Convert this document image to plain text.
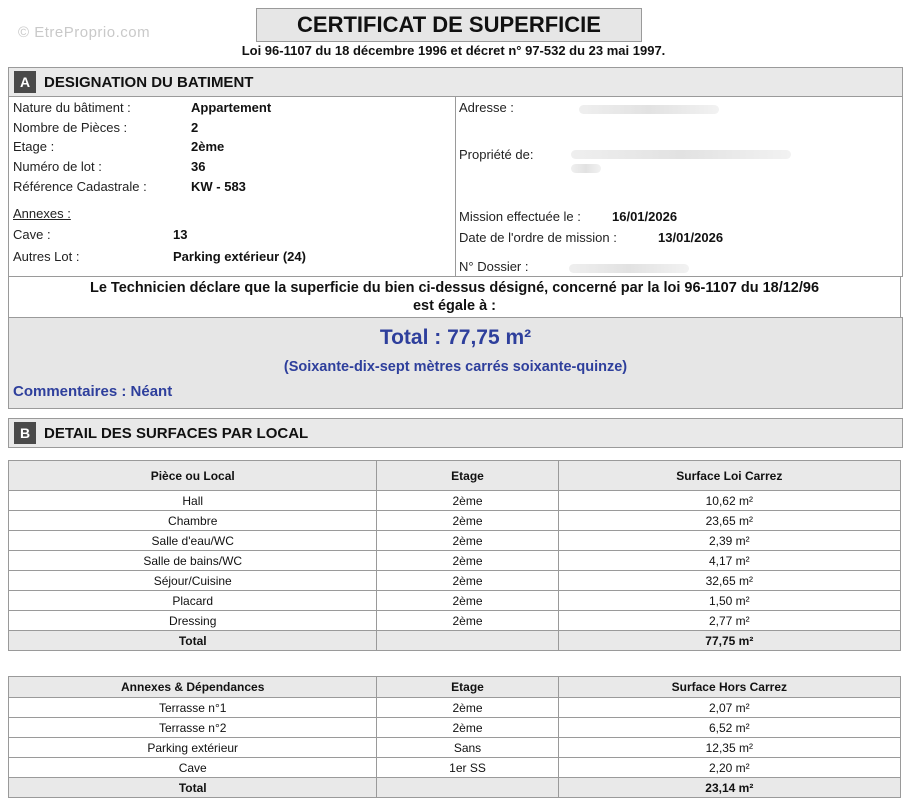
© EtreProprio.com	CERTIFICAT DE SUPERFICIE
Loi 96-1107 du 18 décembre 1996 et décret n° 97-532 du 23 mai 1997.
A DESIGNATION DU BATIMENT
Nature du bâtiment :	Appartement
Nombre de Pièces :	2
Etage :	2ème
Numéro de lot :	36
Référence Cadastrale :	KW - 583
Annexes :
Cave :	13
Autres Lot :	Parking extérieur (24)
Adresse :
Propriété de:
Mission effectuée le : 16/01/2026
Date de l'ordre de mission :	13/01/2026
N° Dossier :
Le Technicien déclare que la superficie du bien ci-dessus désigné, concerné par la loi 96-1107 du 18/12/96
est égale à :
Total : 77,75 m²
(Soixante-dix-sept mètres carrés soixante-quinze)
Commentaires : Néant
B DETAIL DES SURFACES PAR LOCAL
Pièce ou Local	Etage	Surface Loi Carrez
Hall	2ème	10,62 m²
Chambre	2ème	23,65 m²
Salle d'eau/WC	2ème	2,39 m²
Salle de bains/WC	2ème	4,17 m²
Séjour/Cuisine	2ème	32,65 m²
Placard	2ème	1,50 m²
Dressing	2ème	2,77 m²
Total		77,75 m²
Annexes & Dépendances	Etage	Surface Hors Carrez
Terrasse n°1	2ème	2,07 m²
Terrasse n°2	2ème	6,52 m²
Parking extérieur	Sans	12,35 m²
Cave	1er SS	2,20 m²
Total		23,14 m²
